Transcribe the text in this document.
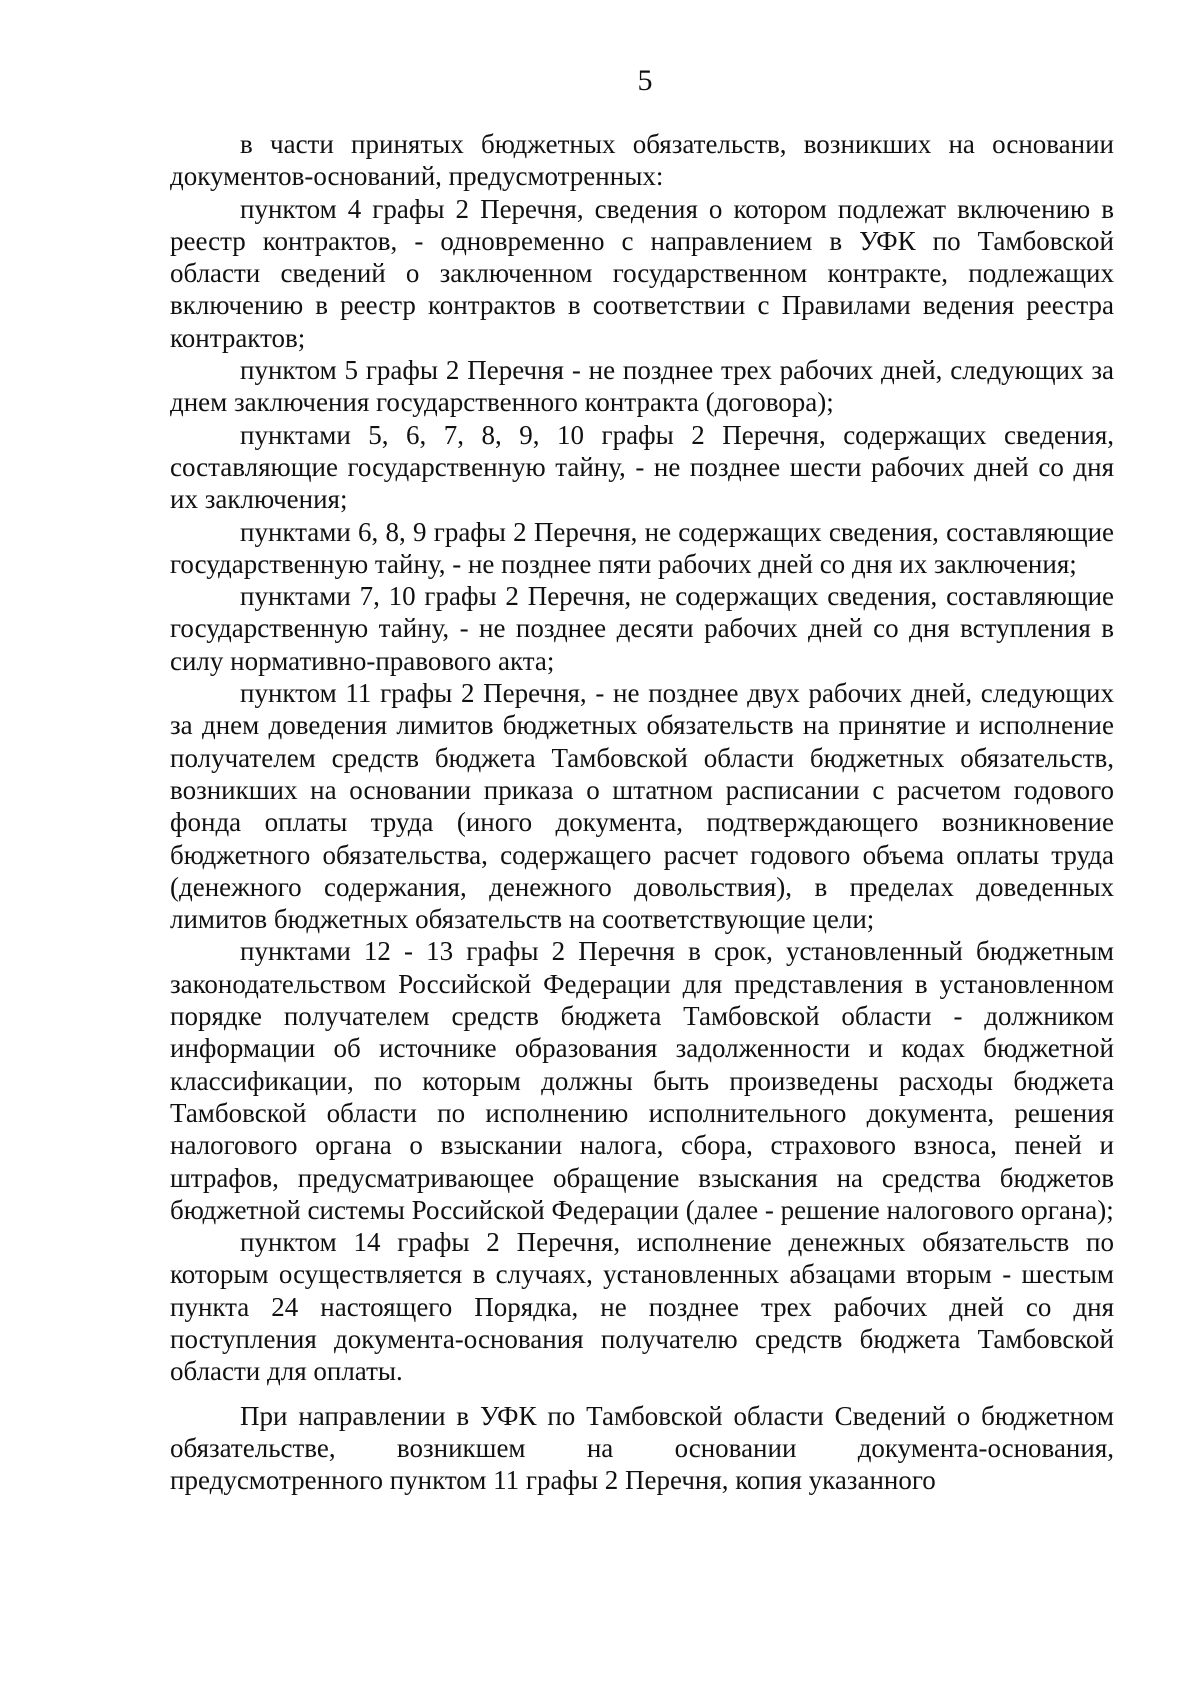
5

в части принятых бюджетных обязательств, возникших на основании документов-оснований, предусмотренных:

пунктом 4 графы 2 Перечня, сведения о котором подлежат включению в реестр контрактов, - одновременно с направлением в УФК по Тамбовской области сведений о заключенном государственном контракте, подлежащих включению в реестр контрактов в соответствии с Правилами ведения реестра контрактов;

пунктом 5 графы 2 Перечня - не позднее трех рабочих дней, следующих за днем заключения государственного контракта (договора);

пунктами 5, 6, 7, 8, 9, 10 графы 2 Перечня, содержащих сведения, составляющие государственную тайну, - не позднее шести рабочих дней со дня их заключения;

пунктами 6, 8, 9 графы 2 Перечня, не содержащих сведения, составляющие государственную тайну, - не позднее пяти рабочих дней со дня их заключения;

пунктами 7, 10 графы 2 Перечня, не содержащих сведения, составляющие государственную тайну, - не позднее десяти рабочих дней со дня вступления в силу нормативно-правового акта;

пунктом 11 графы 2 Перечня, - не позднее двух рабочих дней, следующих за днем доведения лимитов бюджетных обязательств на принятие и исполнение получателем средств бюджета Тамбовской области бюджетных обязательств, возникших на основании приказа о штатном расписании с расчетом годового фонда оплаты труда (иного документа, подтверждающего возникновение бюджетного обязательства, содержащего расчет годового объема оплаты труда (денежного содержания, денежного довольствия), в пределах доведенных лимитов бюджетных обязательств на соответствующие цели;

пунктами 12 - 13 графы 2 Перечня в срок, установленный бюджетным законодательством Российской Федерации для представления в установленном порядке получателем средств бюджета Тамбовской области - должником информации об источнике образования задолженности и кодах бюджетной классификации, по которым должны быть произведены расходы бюджета Тамбовской области по исполнению исполнительного документа, решения налогового органа о взыскании налога, сбора, страхового взноса, пеней и штрафов, предусматривающее обращение взыскания на средства бюджетов бюджетной системы Российской Федерации (далее - решение налогового органа);

пунктом 14 графы 2 Перечня, исполнение денежных обязательств по которым осуществляется в случаях, установленных абзацами вторым - шестым пункта 24 настоящего Порядка, не позднее трех рабочих дней со дня поступления документа-основания получателю средств бюджета Тамбовской области для оплаты.

При направлении в УФК по Тамбовской области Сведений о бюджетном обязательстве, возникшем на основании документа-основания, предусмотренного пунктом 11 графы 2 Перечня, копия указанного
